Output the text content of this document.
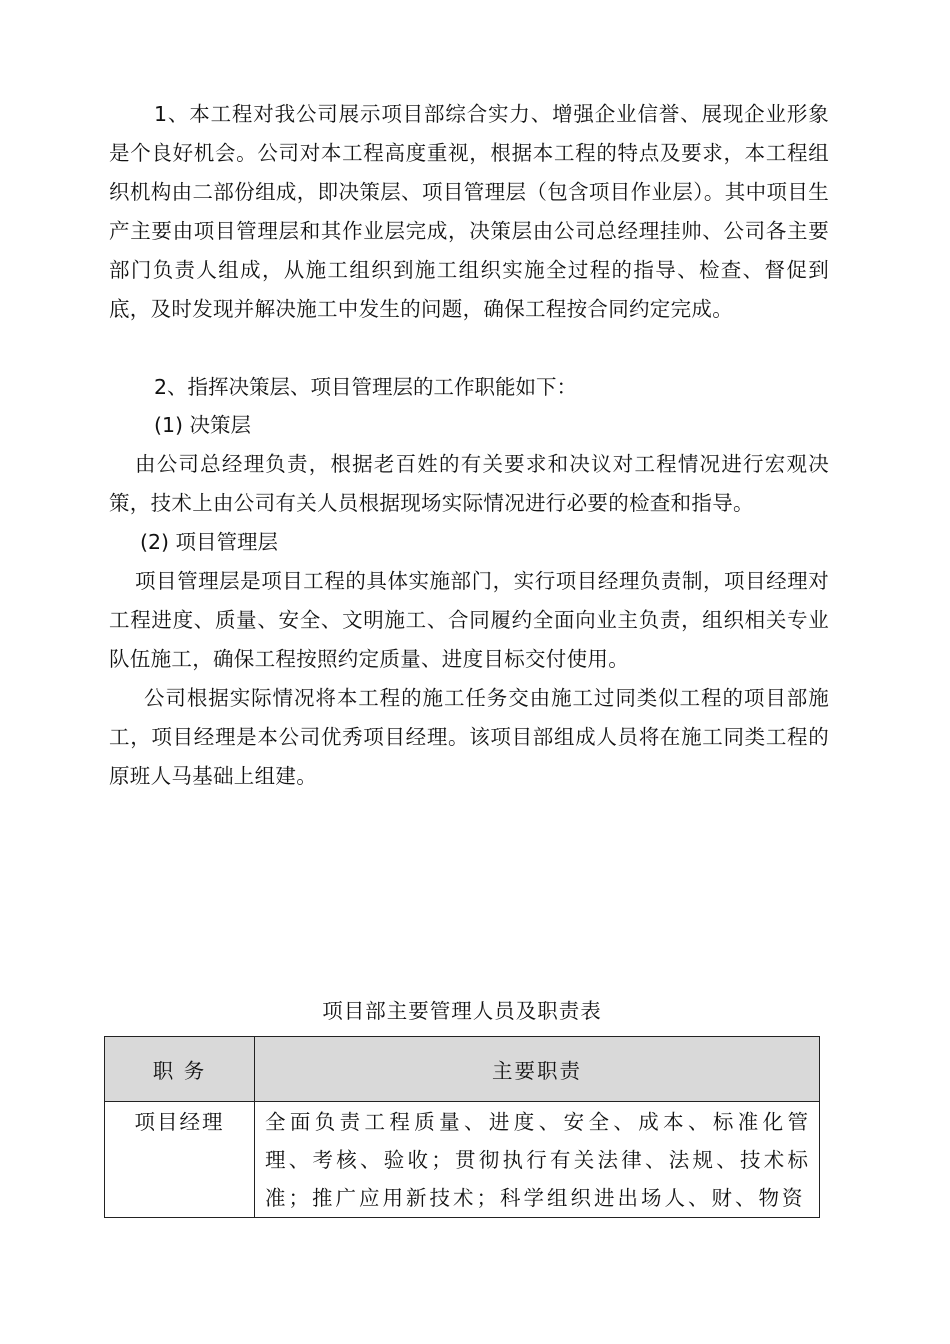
1、本工程对我公司展示项目部综合实力、增强企业信誉、展现企业形象是个良好机会。公司对本工程高度重视，根据本工程的特点及要求，本工程组织机构由二部份组成，即决策层、项目管理层（包含项目作业层）。其中项目生产主要由项目管理层和其作业层完成，决策层由公司总经理挂帅、公司各主要部门负责人组成，从施工组织到施工组织实施全过程的指导、检查、督促到底，及时发现并解决施工中发生的问题，确保工程按合同约定完成。

2、指挥决策层、项目管理层的工作职能如下：

(1) 决策层

由公司总经理负责，根据老百姓的有关要求和决议对工程情况进行宏观决策，技术上由公司有关人员根据现场实际情况进行必要的检查和指导。

(2) 项目管理层

项目管理层是项目工程的具体实施部门，实行项目经理负责制，项目经理对工程进度、质量、安全、文明施工、合同履约全面向业主负责，组织相关专业队伍施工，确保工程按照约定质量、进度目标交付使用。

公司根据实际情况将本工程的施工任务交由施工过同类似工程的项目部施工，项目经理是本公司优秀项目经理。该项目部组成人员将在施工同类工程的原班人马基础上组建。

项目部主要管理人员及职责表
职 务	主要职责
项目经理	全面负责工程质量、进度、安全、成本、标准化管理、考核、验收；贯彻执行有关法律、法规、技术标准；推广应用新技术；科学组织进出场人、财、物资
